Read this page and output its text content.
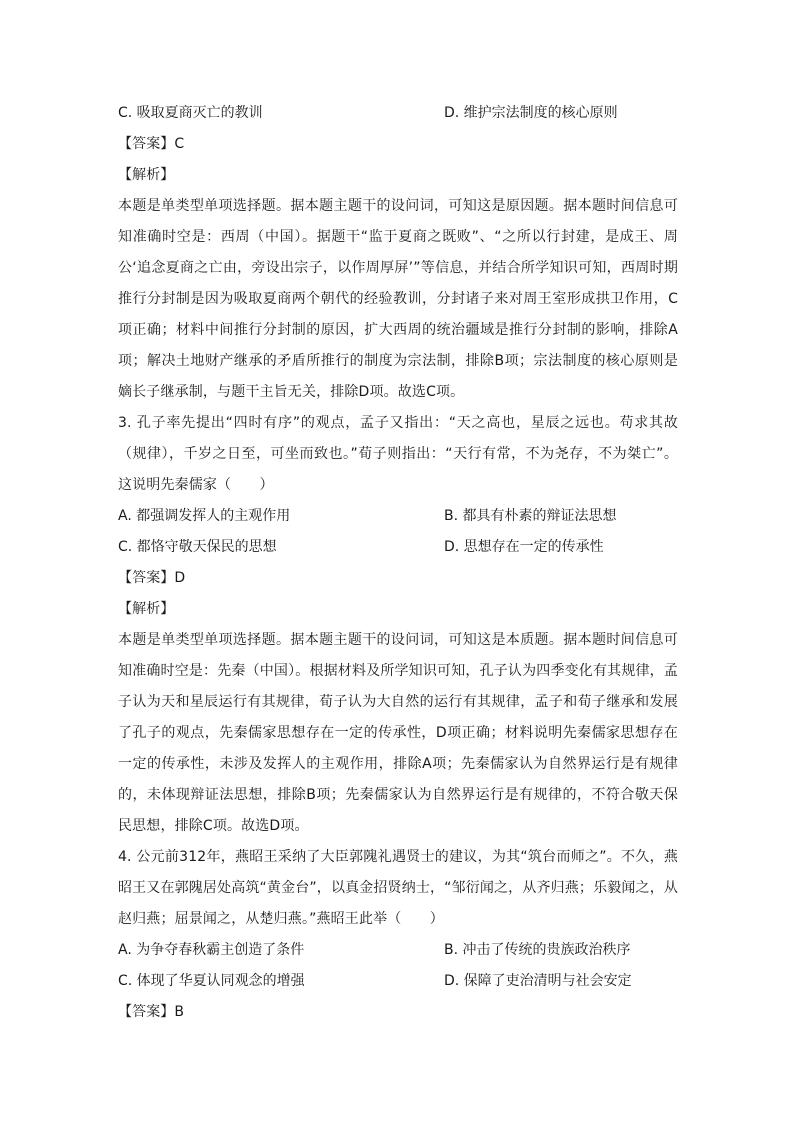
C. 吸取夏商灭亡的教训	D. 维护宗法制度的核心原则
【答案】C
【解析】

本题是单类型单项选择题。据本题主题干的设问词，可知这是原因题。据本题时间信息可知准确时空是：西周（中国）。据题干“监于夏商之既败”、“之所以行封建，是成王、周公‘追念夏商之亡由，旁设出宗子，以作周厚屏’”等信息，并结合所学知识可知，西周时期推行分封制是因为吸取夏商两个朝代的经验教训，分封诸子来对周王室形成拱卫作用，C项正确；材料中间推行分封制的原因，扩大西周的统治疆域是推行分封制的影响，排除A项；解决土地财产继承的矛盾所推行的制度为宗法制，排除B项；宗法制度的核心原则是嫡长子继承制，与题干主旨无关，排除D项。故选C项。

3. 孔子率先提出“四时有序”的观点，孟子又指出：“天之高也，星辰之远也。苟求其故（规律），千岁之日至，可坐而致也。”荀子则指出：“天行有常，不为尧存，不为桀亡”。这说明先秦儒家（　　）

A. 都强调发挥人的主观作用	B. 都具有朴素的辩证法思想
C. 都恪守敬天保民的思想	D. 思想存在一定的传承性
【答案】D
【解析】

本题是单类型单项选择题。据本题主题干的设问词，可知这是本质题。据本题时间信息可知准确时空是：先秦（中国）。根据材料及所学知识可知，孔子认为四季变化有其规律，孟子认为天和星辰运行有其规律，荀子认为大自然的运行有其规律，孟子和荀子继承和发展了孔子的观点，先秦儒家思想存在一定的传承性，D项正确；材料说明先秦儒家思想存在一定的传承性，未涉及发挥人的主观作用，排除A项；先秦儒家认为自然界运行是有规律的，未体现辩证法思想，排除B项；先秦儒家认为自然界运行是有规律的，不符合敬天保民思想，排除C项。故选D项。

4. 公元前312年，燕昭王采纳了大臣郭隗礼遇贤士的建议，为其“筑台而师之”。不久，燕昭王又在郭隗居处高筑“黄金台”，以真金招贤纳士，“邹衍闻之，从齐归燕；乐毅闻之，从赵归燕；屈景闻之，从楚归燕。”燕昭王此举（　　）

A. 为争夺春秋霸主创造了条件	B. 冲击了传统的贵族政治秩序
C. 体现了华夏认同观念的增强	D. 保障了吏治清明与社会安定
【答案】B
